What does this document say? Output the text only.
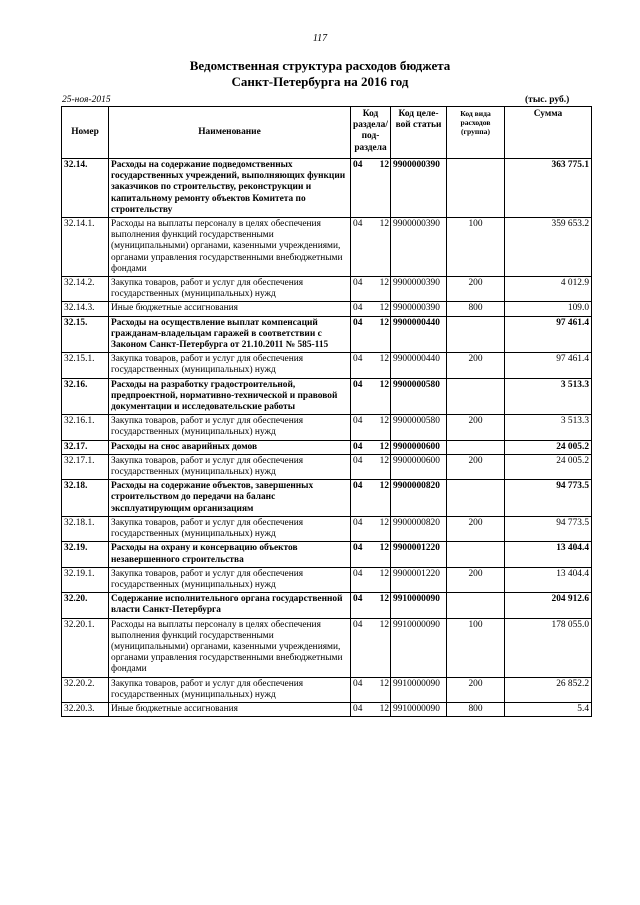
117
Ведомственная структура расходов бюджета
Санкт-Петербурга на 2016 год
25-ноя-2015	(тыс. руб.)
Номер	Наименование	Код раздела/ под-раздела	Код целе-вой статьи	Код вида расходов (группа)	Сумма
32.14.	Расходы на содержание подведомственных государственных учреждений, выполняющих функции заказчиков по строительству, реконструкции и капитальному ремонту объектов Комитета по строительству	04 12	9900000390		363 775.1
32.14.1.	Расходы на выплаты персоналу в целях обеспечения выполнения функций государственными (муниципальными) органами, казенными учреждениями, органами управления государственными внебюджетными фондами	04 12	9900000390	100	359 653.2
32.14.2.	Закупка товаров, работ и услуг для обеспечения государственных (муниципальных) нужд	04 12	9900000390	200	4 012.9
32.14.3.	Иные бюджетные ассигнования	04 12	9900000390	800	109.0
32.15.	Расходы на осуществление выплат компенсаций гражданам-владельцам гаражей в соответствии с Законом Санкт-Петербурга от 21.10.2011 № 585-115	04 12	9900000440		97 461.4
32.15.1.	Закупка товаров, работ и услуг для обеспечения государственных (муниципальных) нужд	04 12	9900000440	200	97 461.4
32.16.	Расходы на разработку градостроительной, предпроектной, нормативно-технической и правовой документации и исследовательские работы	04 12	9900000580		3 513.3
32.16.1.	Закупка товаров, работ и услуг для обеспечения государственных (муниципальных) нужд	04 12	9900000580	200	3 513.3
32.17.	Расходы на снос аварийных домов	04 12	9900000600		24 005.2
32.17.1.	Закупка товаров, работ и услуг для обеспечения государственных (муниципальных) нужд	04 12	9900000600	200	24 005.2
32.18.	Расходы на содержание объектов, завершенных строительством до передачи на баланс эксплуатирующим организациям	04 12	9900000820		94 773.5
32.18.1.	Закупка товаров, работ и услуг для обеспечения государственных (муниципальных) нужд	04 12	9900000820	200	94 773.5
32.19.	Расходы на охрану и консервацию объектов незавершенного строительства	04 12	9900001220		13 404.4
32.19.1.	Закупка товаров, работ и услуг для обеспечения государственных (муниципальных) нужд	04 12	9900001220	200	13 404.4
32.20.	Содержание исполнительного органа государственной власти Санкт-Петербурга	04 12	9910000090		204 912.6
32.20.1.	Расходы на выплаты персоналу в целях обеспечения выполнения функций государственными (муниципальными) органами, казенными учреждениями, органами управления государственными внебюджетными фондами	04 12	9910000090	100	178 055.0
32.20.2.	Закупка товаров, работ и услуг для обеспечения государственных (муниципальных) нужд	04 12	9910000090	200	26 852.2
32.20.3.	Иные бюджетные ассигнования	04 12	9910000090	800	5.4
